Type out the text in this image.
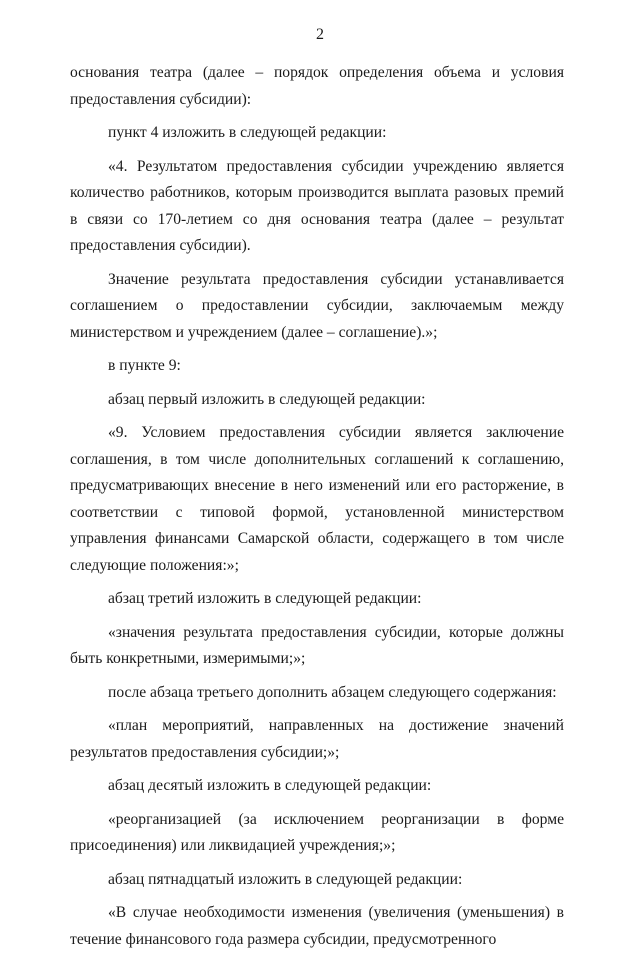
2

основания театра (далее – порядок определения объема и условия предоставления субсидии):

пункт 4 изложить в следующей редакции:

«4. Результатом предоставления субсидии учреждению является количество работников, которым производится выплата разовых премий в связи со 170-летием со дня основания театра (далее – результат предоставления субсидии).

Значение результата предоставления субсидии устанавливается соглашением о предоставлении субсидии, заключаемым между министерством и учреждением (далее – соглашение).»;

в пункте 9:

абзац первый изложить в следующей редакции:

«9. Условием предоставления субсидии является заключение соглашения, в том числе дополнительных соглашений к соглашению, предусматривающих внесение в него изменений или его расторжение, в соответствии с типовой формой, установленной министерством управления финансами Самарской области, содержащего в том числе следующие положения:»;

абзац третий изложить в следующей редакции:

«значения результата предоставления субсидии, которые должны быть конкретными, измеримыми;»;

после абзаца третьего дополнить абзацем следующего содержания:

«план мероприятий, направленных на достижение значений результатов предоставления субсидии;»;

абзац десятый изложить в следующей редакции:

«реорганизацией (за исключением реорганизации в форме присоединения) или ликвидацией учреждения;»;

абзац пятнадцатый изложить в следующей редакции:

«В случае необходимости изменения (увеличения (уменьшения) в течение финансового года размера субсидии, предусмотренного
